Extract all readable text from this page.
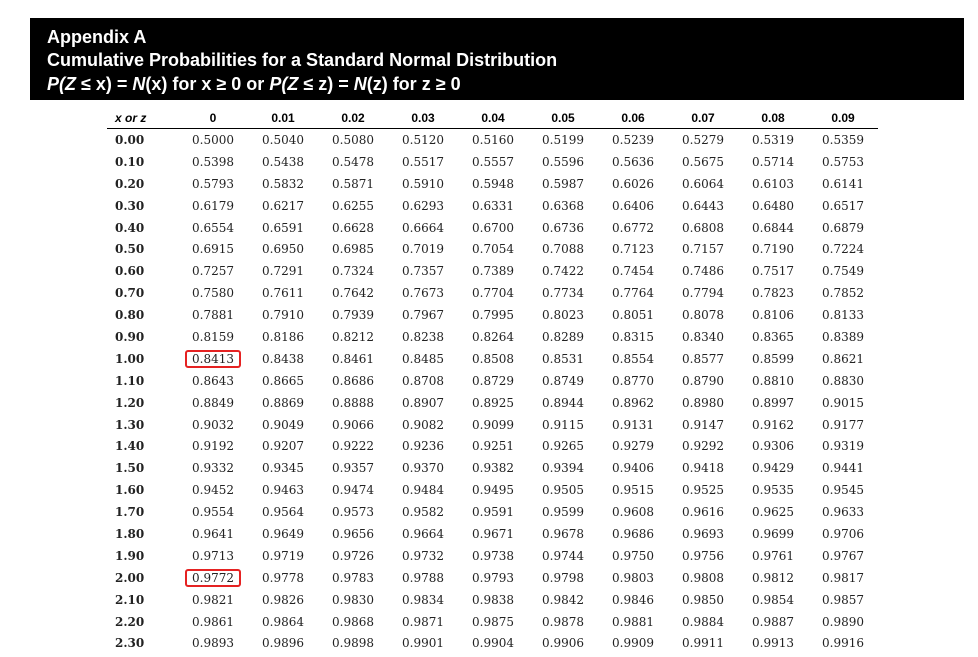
Appendix A
Cumulative Probabilities for a Standard Normal Distribution
P(Z ≤ x) = N(x) for x ≥ 0 or P(Z ≤ z) = N(z) for z ≥ 0
x or z	0	0.01	0.02	0.03	0.04	0.05	0.06	0.07	0.08	0.09
0.00	0.5000	0.5040	0.5080	0.5120	0.5160	0.5199	0.5239	0.5279	0.5319	0.5359
0.10	0.5398	0.5438	0.5478	0.5517	0.5557	0.5596	0.5636	0.5675	0.5714	0.5753
0.20	0.5793	0.5832	0.5871	0.5910	0.5948	0.5987	0.6026	0.6064	0.6103	0.6141
0.30	0.6179	0.6217	0.6255	0.6293	0.6331	0.6368	0.6406	0.6443	0.6480	0.6517
0.40	0.6554	0.6591	0.6628	0.6664	0.6700	0.6736	0.6772	0.6808	0.6844	0.6879
0.50	0.6915	0.6950	0.6985	0.7019	0.7054	0.7088	0.7123	0.7157	0.7190	0.7224
0.60	0.7257	0.7291	0.7324	0.7357	0.7389	0.7422	0.7454	0.7486	0.7517	0.7549
0.70	0.7580	0.7611	0.7642	0.7673	0.7704	0.7734	0.7764	0.7794	0.7823	0.7852
0.80	0.7881	0.7910	0.7939	0.7967	0.7995	0.8023	0.8051	0.8078	0.8106	0.8133
0.90	0.8159	0.8186	0.8212	0.8238	0.8264	0.8289	0.8315	0.8340	0.8365	0.8389
1.00	0.8413	0.8438	0.8461	0.8485	0.8508	0.8531	0.8554	0.8577	0.8599	0.8621
1.10	0.8643	0.8665	0.8686	0.8708	0.8729	0.8749	0.8770	0.8790	0.8810	0.8830
1.20	0.8849	0.8869	0.8888	0.8907	0.8925	0.8944	0.8962	0.8980	0.8997	0.9015
1.30	0.9032	0.9049	0.9066	0.9082	0.9099	0.9115	0.9131	0.9147	0.9162	0.9177
1.40	0.9192	0.9207	0.9222	0.9236	0.9251	0.9265	0.9279	0.9292	0.9306	0.9319
1.50	0.9332	0.9345	0.9357	0.9370	0.9382	0.9394	0.9406	0.9418	0.9429	0.9441
1.60	0.9452	0.9463	0.9474	0.9484	0.9495	0.9505	0.9515	0.9525	0.9535	0.9545
1.70	0.9554	0.9564	0.9573	0.9582	0.9591	0.9599	0.9608	0.9616	0.9625	0.9633
1.80	0.9641	0.9649	0.9656	0.9664	0.9671	0.9678	0.9686	0.9693	0.9699	0.9706
1.90	0.9713	0.9719	0.9726	0.9732	0.9738	0.9744	0.9750	0.9756	0.9761	0.9767
2.00	0.9772	0.9778	0.9783	0.9788	0.9793	0.9798	0.9803	0.9808	0.9812	0.9817
2.10	0.9821	0.9826	0.9830	0.9834	0.9838	0.9842	0.9846	0.9850	0.9854	0.9857
2.20	0.9861	0.9864	0.9868	0.9871	0.9875	0.9878	0.9881	0.9884	0.9887	0.9890
2.30	0.9893	0.9896	0.9898	0.9901	0.9904	0.9906	0.9909	0.9911	0.9913	0.9916
